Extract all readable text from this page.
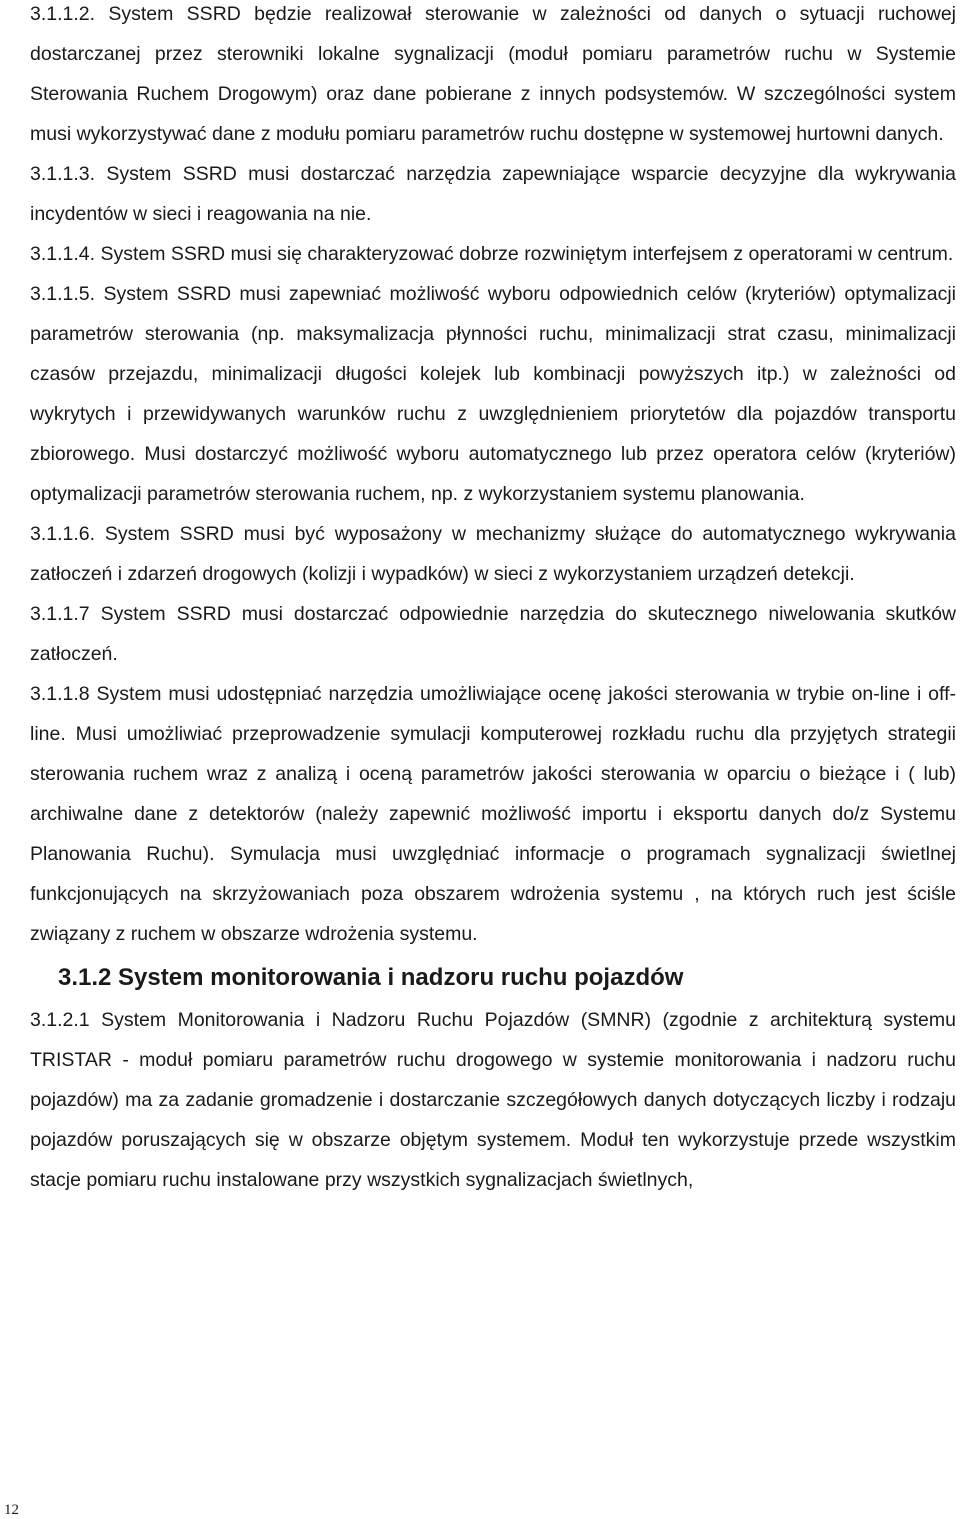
3.1.1.2. System SSRD będzie realizował sterowanie w zależności od danych o sytuacji ruchowej dostarczanej przez sterowniki lokalne sygnalizacji (moduł pomiaru parametrów ruchu w Systemie Sterowania Ruchem Drogowym) oraz dane pobierane z innych podsystemów. W szczególności system musi wykorzystywać dane z modułu pomiaru parametrów ruchu dostępne w systemowej hurtowni danych.

3.1.1.3. System SSRD musi dostarczać narzędzia zapewniające wsparcie decyzyjne dla wykrywania incydentów w sieci i reagowania na nie.

3.1.1.4. System SSRD musi się charakteryzować dobrze rozwiniętym interfejsem z operatorami w centrum.

3.1.1.5. System SSRD musi zapewniać możliwość wyboru odpowiednich celów (kryteriów) optymalizacji parametrów sterowania (np. maksymalizacja płynności ruchu, minimalizacji strat czasu, minimalizacji czasów przejazdu, minimalizacji długości kolejek lub kombinacji powyższych itp.) w zależności od wykrytych i przewidywanych warunków ruchu z uwzględnieniem priorytetów dla pojazdów transportu zbiorowego. Musi dostarczyć możliwość wyboru automatycznego lub przez operatora celów (kryteriów) optymalizacji parametrów sterowania ruchem, np. z wykorzystaniem systemu planowania.

3.1.1.6. System SSRD musi być wyposażony w mechanizmy służące do automatycznego wykrywania zatłoczeń i zdarzeń drogowych (kolizji i wypadków) w sieci z wykorzystaniem urządzeń detekcji.

3.1.1.7 System SSRD musi dostarczać odpowiednie narzędzia do skutecznego niwelowania skutków zatłoczeń.

3.1.1.8 System musi udostępniać narzędzia umożliwiające ocenę jakości sterowania w trybie on-line i off-line. Musi umożliwiać przeprowadzenie symulacji komputerowej rozkładu ruchu dla przyjętych strategii sterowania ruchem wraz z analizą i oceną parametrów jakości sterowania w oparciu o bieżące i ( lub) archiwalne dane z detektorów (należy zapewnić możliwość importu i eksportu danych do/z Systemu Planowania Ruchu). Symulacja musi uwzględniać informacje o programach sygnalizacji świetlnej funkcjonujących na skrzyżowaniach poza obszarem wdrożenia systemu , na których ruch jest ściśle związany z ruchem w obszarze wdrożenia systemu.

3.1.2 System monitorowania i nadzoru ruchu pojazdów

3.1.2.1 System Monitorowania i Nadzoru Ruchu Pojazdów (SMNR) (zgodnie z architekturą systemu TRISTAR - moduł pomiaru parametrów ruchu drogowego w systemie monitorowania i nadzoru ruchu pojazdów) ma za zadanie gromadzenie i dostarczanie szczegółowych danych dotyczących liczby i rodzaju pojazdów poruszających się w obszarze objętym systemem. Moduł ten wykorzystuje przede wszystkim stacje pomiaru ruchu instalowane przy wszystkich sygnalizacjach świetlnych,

12
